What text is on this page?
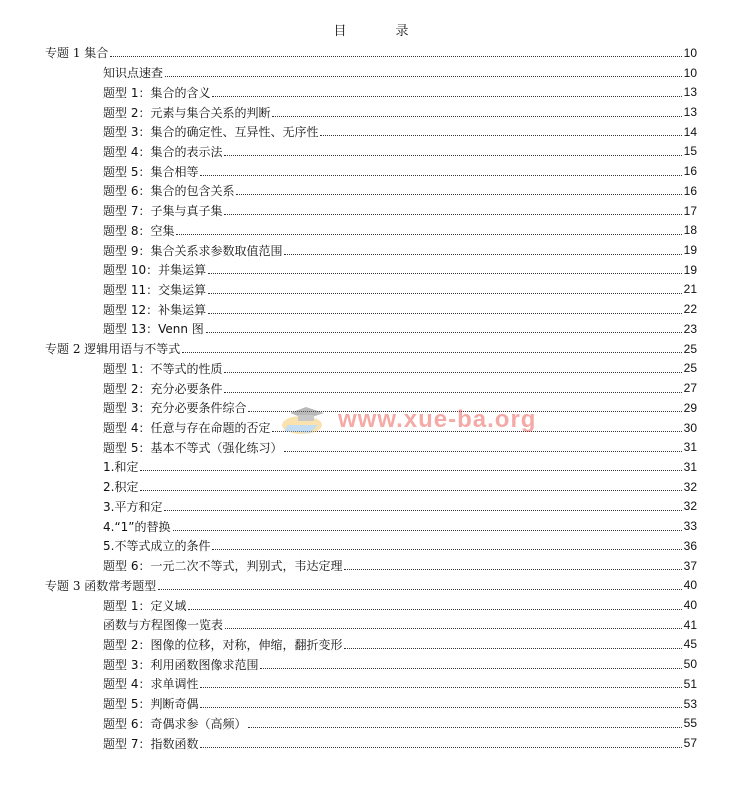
目　录
专题 1 集合	10
知识点速查	10
题型 1：集合的含义	13
题型 2：元素与集合关系的判断	13
题型 3：集合的确定性、互异性、无序性	14
题型 4：集合的表示法	15
题型 5：集合相等	16
题型 6：集合的包含关系	16
题型 7：子集与真子集	17
题型 8：空集	18
题型 9：集合关系求参数取值范围	19
题型 10：并集运算	19
题型 11：交集运算	21
题型 12：补集运算	22
题型 13：Venn 图	23
专题 2 逻辑用语与不等式	25
题型 1：不等式的性质	25
题型 2：充分必要条件	27
题型 3：充分必要条件综合	29
题型 4：任意与存在命题的否定	30
题型 5：基本不等式（强化练习）	31
1.和定	31
2.积定	32
3.平方和定	32
4.“1”的替换	33
5.不等式成立的条件	36
题型 6：一元二次不等式，判别式，韦达定理	37
专题 3 函数常考题型	40
题型 1：定义域	40
函数与方程图像一览表	41
题型 2：图像的位移，对称，伸缩，翻折变形	45
题型 3：利用函数图像求范围	50
题型 4：求单调性	51
题型 5：判断奇偶	53
题型 6：奇偶求参（高频）	55
题型 7：指数函数	57
www.xue-ba.org
